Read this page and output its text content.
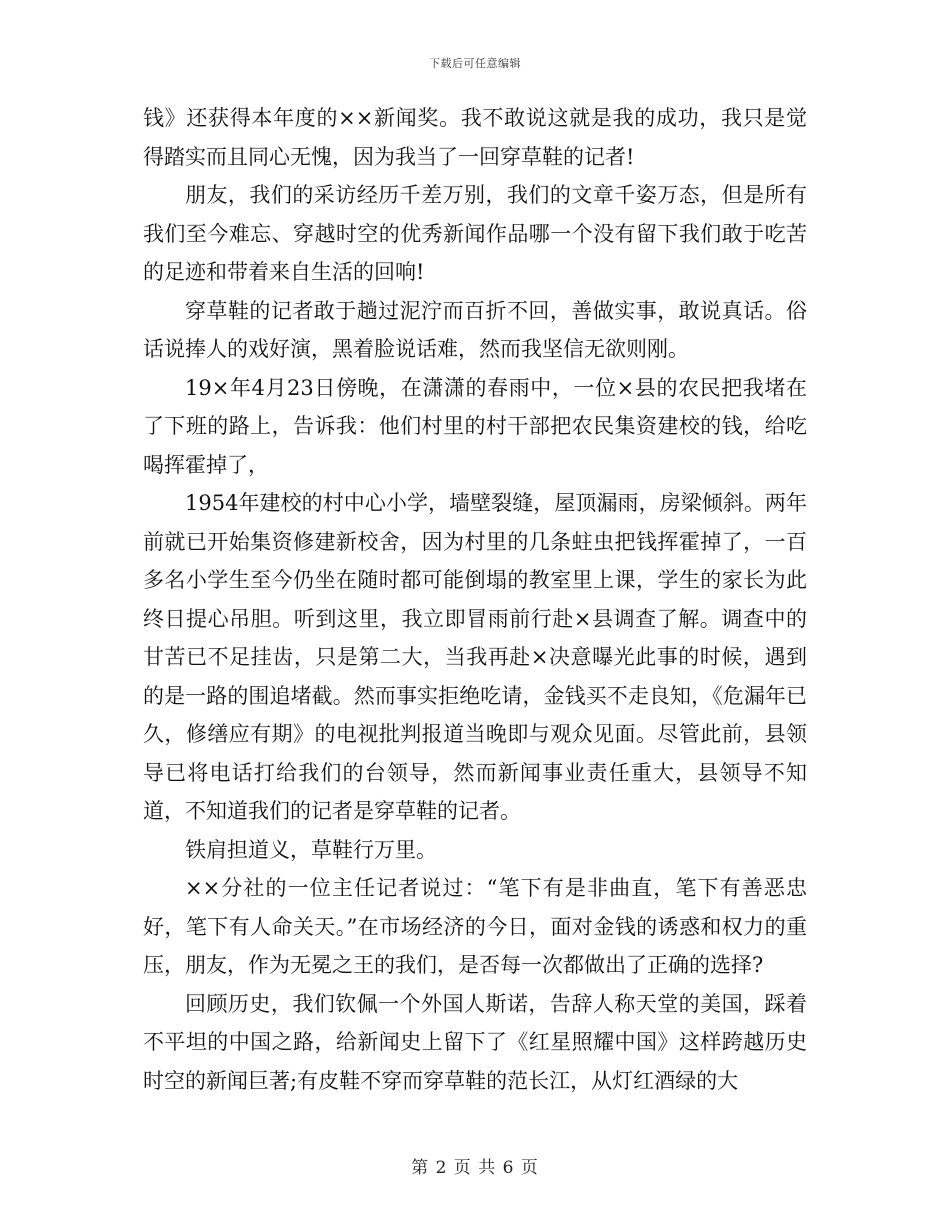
下载后可任意编辑

钱》还获得本年度的××新闻奖。我不敢说这就是我的成功，我只是觉得踏实而且同心无愧，因为我当了一回穿草鞋的记者!

朋友，我们的采访经历千差万别，我们的文章千姿万态，但是所有我们至今难忘、穿越时空的优秀新闻作品哪一个没有留下我们敢于吃苦的足迹和带着来自生活的回响!

穿草鞋的记者敢于趟过泥泞而百折不回，善做实事，敢说真话。俗话说捧人的戏好演，黑着脸说话难，然而我坚信无欲则刚。

19×年4月23日傍晚，在潇潇的春雨中，一位×县的农民把我堵在了下班的路上，告诉我：他们村里的村干部把农民集资建校的钱，给吃喝挥霍掉了，

1954年建校的村中心小学，墙壁裂缝，屋顶漏雨，房梁倾斜。两年前就已开始集资修建新校舍，因为村里的几条蛀虫把钱挥霍掉了，一百多名小学生至今仍坐在随时都可能倒塌的教室里上课，学生的家长为此终日提心吊胆。听到这里，我立即冒雨前行赴×县调查了解。调查中的甘苦已不足挂齿，只是第二大，当我再赴×决意曝光此事的时候，遇到的是一路的围追堵截。然而事实拒绝吃请，金钱买不走良知，《危漏年已久，修缮应有期》的电视批判报道当晚即与观众见面。尽管此前，县领导已将电话打给我们的台领导，然而新闻事业责任重大，县领导不知道，不知道我们的记者是穿草鞋的记者。

铁肩担道义，草鞋行万里。

××分社的一位主任记者说过：“笔下有是非曲直，笔下有善恶忠好，笔下有人命关天。”在市场经济的今日，面对金钱的诱惑和权力的重压，朋友，作为无冕之王的我们，是否每一次都做出了正确的选择?

回顾历史，我们钦佩一个外国人斯诺，告辞人称天堂的美国，踩着不平坦的中国之路，给新闻史上留下了《红星照耀中国》这样跨越历史时空的新闻巨著;有皮鞋不穿而穿草鞋的范长江，从灯红酒绿的大

第 2 页 共 6 页
